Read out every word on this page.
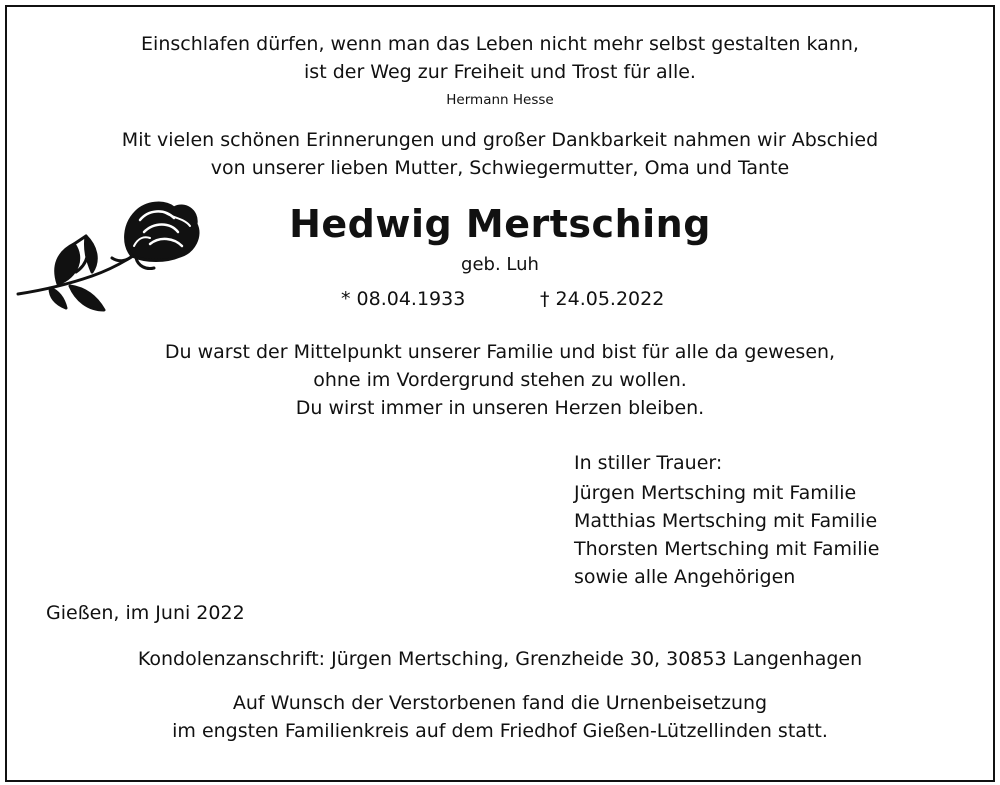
Einschlafen dürfen, wenn man das Leben nicht mehr selbst gestalten kann,
ist der Weg zur Freiheit und Trost für alle.
Hermann Hesse
Mit vielen schönen Erinnerungen und großer Dankbarkeit nahmen wir Abschied
von unserer lieben Mutter, Schwiegermutter, Oma und Tante
Hedwig Mertsching
geb. Luh
* 08.04.1933	† 24.05.2022
Du warst der Mittelpunkt unserer Familie und bist für alle da gewesen,
ohne im Vordergrund stehen zu wollen.
Du wirst immer in unseren Herzen bleiben.
In stiller Trauer:
Jürgen Mertsching mit Familie
Matthias Mertsching mit Familie
Thorsten Mertsching mit Familie
sowie alle Angehörigen
Gießen, im Juni 2022
Kondolenzanschrift: Jürgen Mertsching, Grenzheide 30, 30853 Langenhagen
Auf Wunsch der Verstorbenen fand die Urnenbeisetzung
im engsten Familienkreis auf dem Friedhof Gießen-Lützellinden statt.
